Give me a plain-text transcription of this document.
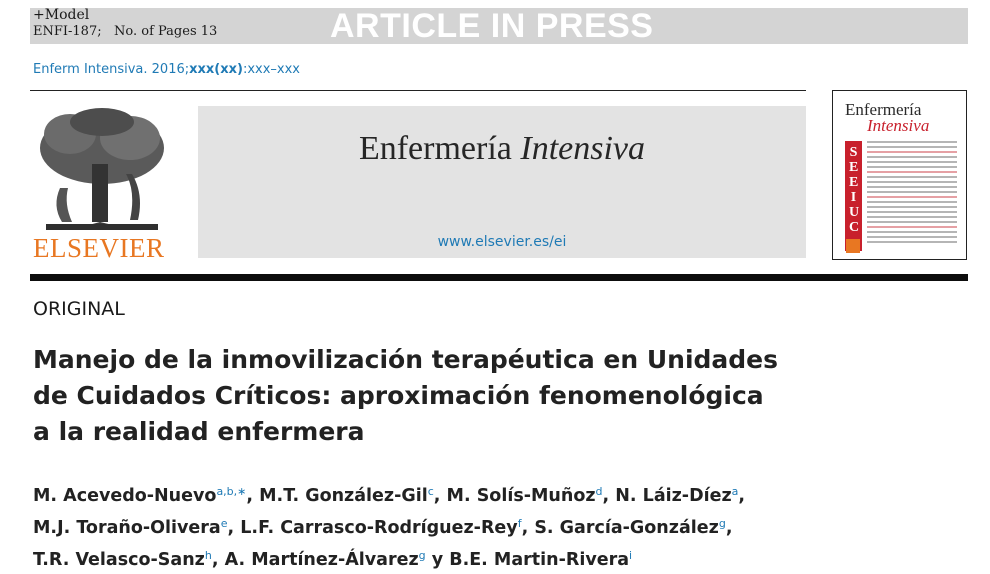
+Model
ENFI-187;   No. of Pages 13	ARTICLE IN PRESS
Enferm Intensiva. 2016;xxx(xx):xxx–xxx
ELSEVIER
Enfermería Intensiva
www.elsevier.es/ei
Enfermería
Intensiva
SEEIUC
ORIGINAL
Manejo de la inmovilización terapéutica en Unidades
de Cuidados Críticos: aproximación fenomenológica
a la realidad enfermera
M. Acevedo-Nuevo$^{a,b,∗}$, M.T. González-Gil$^c$, M. Solís-Muñoz$^d$, N. Láiz-Díez$^a$,
M.J. Toraño-Olivera$^e$, L.F. Carrasco-Rodríguez-Rey$^f$, S. García-González$^g$,
T.R. Velasco-Sanz$^h$, A. Martínez-Álvarez$^g$ y B.E. Martin-Rivera$^i$
